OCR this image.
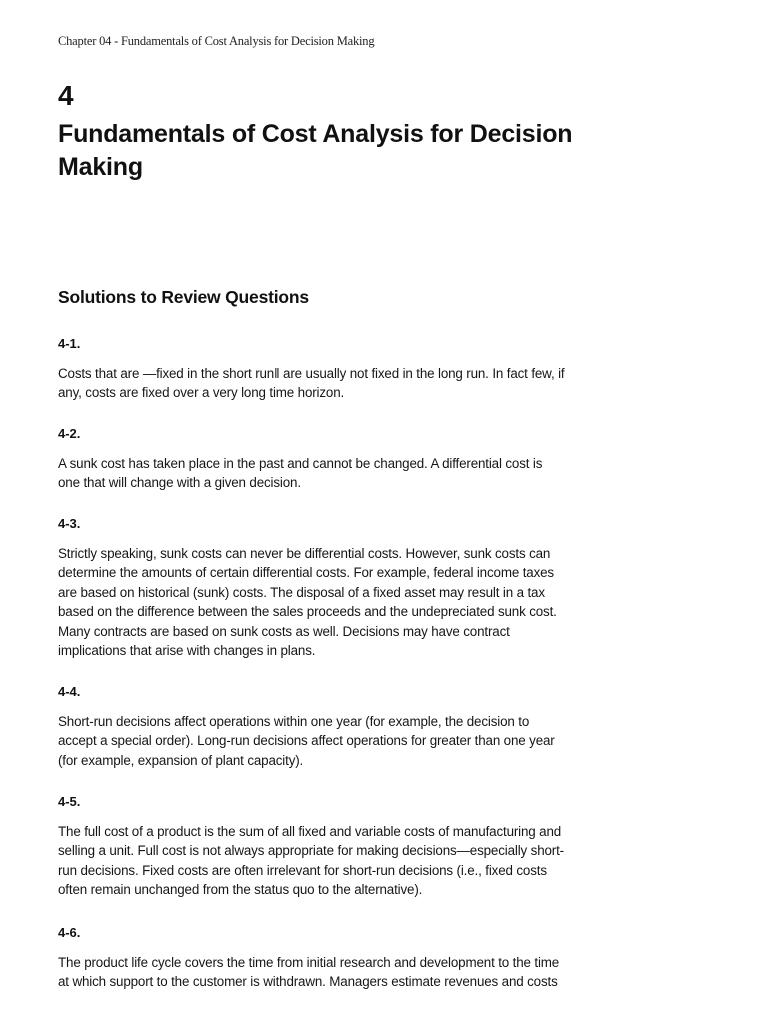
Chapter 04 - Fundamentals of Cost Analysis for Decision Making
4
Fundamentals of Cost Analysis for Decision
Making
Solutions to Review Questions
4-1.

Costs that are —fixed in the short run‖ are usually not fixed in the long run. In fact few, if
any, costs are fixed over a very long time horizon.

4-2.

A sunk cost has taken place in the past and cannot be changed. A differential cost is
one that will change with a given decision.

4-3.

Strictly speaking, sunk costs can never be differential costs. However, sunk costs can
determine the amounts of certain differential costs. For example, federal income taxes
are based on historical (sunk) costs. The disposal of a fixed asset may result in a tax
based on the difference between the sales proceeds and the undepreciated sunk cost.
Many contracts are based on sunk costs as well. Decisions may have contract
implications that arise with changes in plans.

4-4.

Short-run decisions affect operations within one year (for example, the decision to
accept a special order). Long-run decisions affect operations for greater than one year
(for example, expansion of plant capacity).

4-5.

The full cost of a product is the sum of all fixed and variable costs of manufacturing and
selling a unit. Full cost is not always appropriate for making decisions—especially short-
run decisions. Fixed costs are often irrelevant for short-run decisions (i.e., fixed costs
often remain unchanged from the status quo to the alternative).

4-6.

The product life cycle covers the time from initial research and development to the time
at which support to the customer is withdrawn. Managers estimate revenues and costs
